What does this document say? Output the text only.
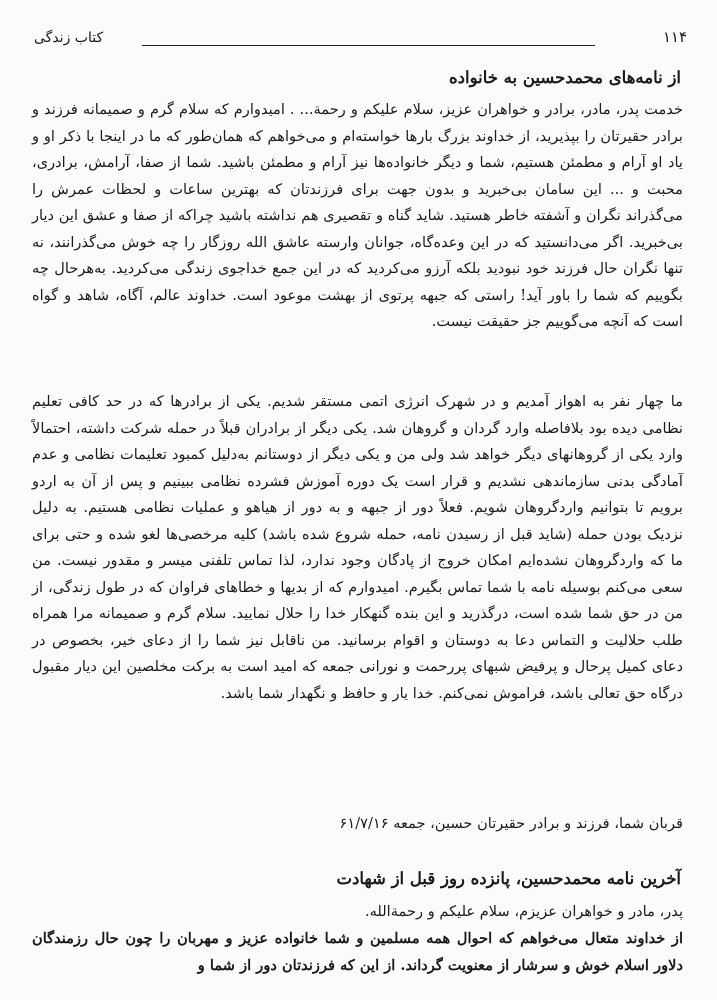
کتاب زندگی	۱۱۴
از نامه‌های محمدحسین به خانواده

خدمت پدر، مادر، برادر و خواهران عزیز، سلام علیکم و رحمة... . امیدوارم که سلام گرم و صمیمانه فرزند و برادر حقیرتان را بپذیرید، از خداوند بزرگ بارها خواسته‌ام و می‌خواهم که همان‌طور که ما در اینجا با ذکر او و یاد او آرام و مطمئن هستیم، شما و دیگر خانواده‌ها نیز آرام و مطمئن باشید. شما از صفا، آرامش، برادری، محبت و ... این سامان بی‌خبرید و بدون جهت برای فرزندتان که بهترین ساعات و لحظات عمرش را می‌گذراند نگران و آشفته خاطر هستید. شاید گناه و تقصیری هم نداشته باشید چراکه از صفا و عشق این دیار بی‌خبرید. اگر می‌دانستید که در این وعده‌گاه، جوانان وارسته عاشق الله روزگار را چه خوش می‌گذرانند، نه تنها نگران حال فرزند خود نبودید بلکه آرزو می‌کردید که در این جمع خداجوی زندگی می‌کردید. به‌هرحال چه بگوییم که شما را باور آید! راستی که جبهه پرتوی از بهشت موعود است. خداوند عالم، آگاه، شاهد و گواه است که آنچه می‌گوییم جز حقیقت نیست.

ما چهار نفر به اهواز آمدیم و در شهرک انرژی اتمی مستقر شدیم. یکی از برادرها که در حد کافی تعلیم نظامی دیده بود بلافاصله وارد گردان و گروهان شد. یکی دیگر از برادران قبلاً در حمله شرکت داشته، احتمالاً وارد یکی از گروهانهای دیگر خواهد شد ولی من و یکی دیگر از دوستانم به‌دلیل کمبود تعلیمات نظامی و عدم آمادگی بدنی سازماندهی نشدیم و قرار است یک دوره آموزش فشرده نظامی ببینیم و پس از آن به اردو برویم تا بتوانیم واردگروهان شویم. فعلاً دور از جبهه و به دور از هیاهو و عملیات نظامی هستیم. به دلیل نزدیک بودن حمله (شاید قبل از رسیدن نامه، حمله شروع شده باشد) کلیه مرخصی‌ها لغو شده و حتی برای ما که واردگروهان نشده‌ایم امکان خروج از پادگان وجود ندارد، لذا تماس تلفنی میسر و مقدور نیست. من سعی می‌کنم بوسیله نامه با شما تماس بگیرم. امیدوارم که از بدیها و خطاهای فراوان که در طول زندگی، از من در حق شما شده است، درگذرید و این بنده گنهکار خدا را حلال نمایید. سلام گرم و صمیمانه مرا همراه طلب حلالیت و التماس دعا به دوستان و اقوام برسانید. من ناقابل نیز شما را از دعای خیر، بخصوص در دعای کمیل پرحال و پرفیض شبهای پررحمت و نورانی جمعه که امید است به برکت مخلصین این دیار مقبول درگاه حق تعالی باشد، فراموش نمی‌کنم. خدا یار و حافظ و نگهدار شما باشد.

قربان شما، فرزند و برادر حقیرتان حسین، جمعه ۶۱/۷/۱۶
آخرین نامه محمدحسین، پانزده روز قبل از شهادت

پدر، مادر و خواهران عزیزم، سلام علیکم و رحمةالله.

از خداوند متعال می‌خواهم که احوال همه مسلمین و شما خانواده عزیز و مهربان را چون حال رزمندگان دلاور اسلام خوش و سرشار از معنویت گرداند. از این که فرزندتان دور از شما و
